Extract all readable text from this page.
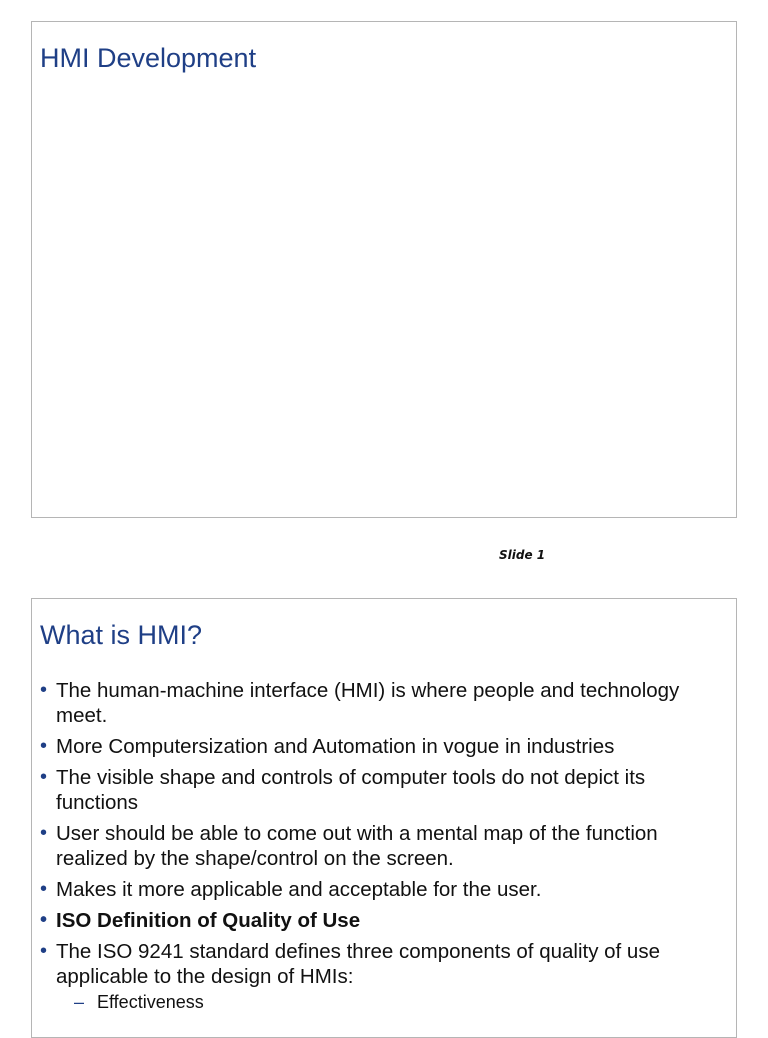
HMI Development
Slide 1
What is HMI?
• The human-machine interface (HMI) is where people and technology meet.
• More Computersization and Automation in vogue in industries
• The visible shape and controls of computer tools do not depict its functions
• User should be able to come out with a mental map of the function realized by the shape/control on the screen.
• Makes it more applicable and acceptable for the user.
• ISO Definition of Quality of Use
• The ISO 9241 standard defines three components of quality of use applicable to the design of HMIs:
– Effectiveness
